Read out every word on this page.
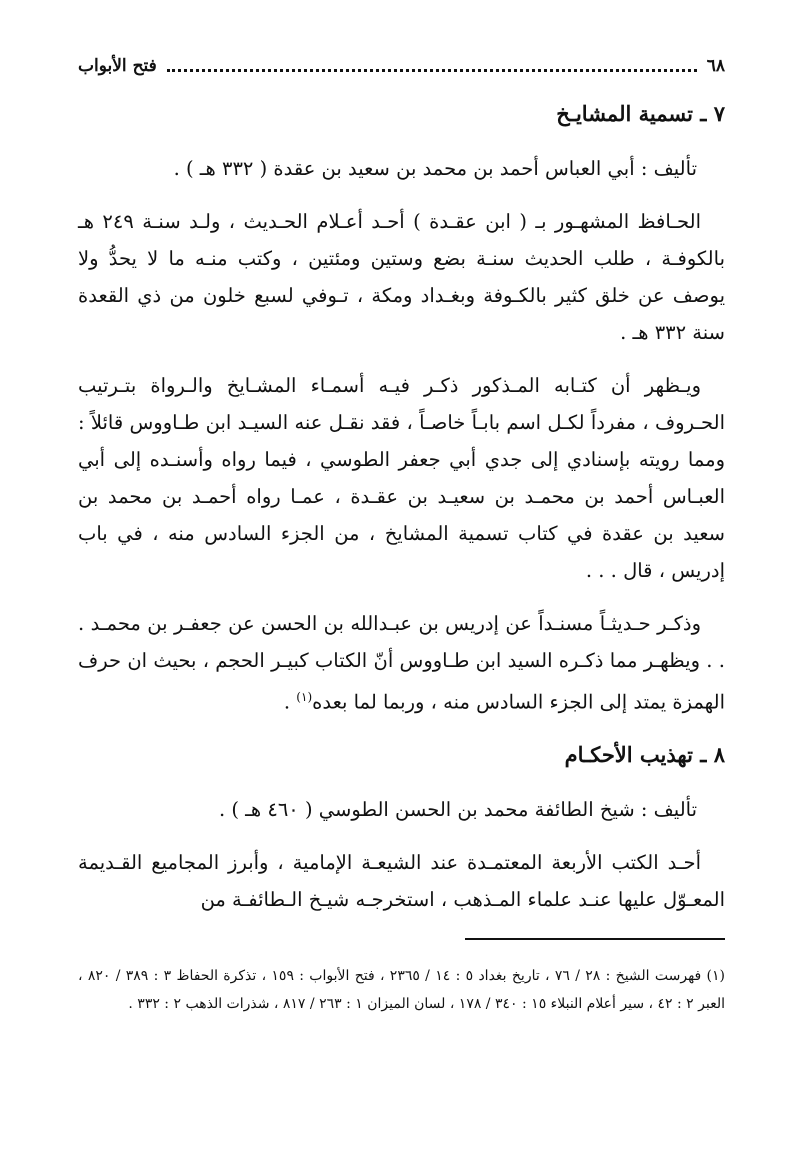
٦٨
فتح الأبواب
٧ ـ تسمية المشايـخ

تأليف : أبي العباس أحمد بن محمد بن سعيد بن عقدة ( ٣٣٢ هـ ) .

الحـافظ المشهـور بـ ( ابن عقـدة ) أحـد أعـلام الحـديث ، ولـد سنـة ٢٤٩ هـ بالكوفـة ، طلب الحديث سنـة بضع وستين ومئتين ، وكتب منـه ما لا يحدُّ ولا يوصف عن خلق كثير بالكـوفة وبغـداد ومكة ، تـوفي لسبع خلون من ذي القعدة سنة ٣٣٢ هـ .

ويـظهر أن كتـابه المـذكور ذكـر فيـه أسمـاء المشـايخ والـرواة بتـرتيب الحـروف ، مفرداً لكـل اسم بابـاً خاصـاً ، فقد نقـل عنه السيـد ابن طـاووس قائلاً : ومما رويته بإسنادي إلى جدي أبي جعفر الطوسي ، فيما رواه وأسنـده إلى أبي العبـاس أحمد بن محمـد بن سعيـد بن عقـدة ، عمـا رواه أحمـد بن محمد بن سعيد بن عقدة في كتاب تسمية المشايخ ، من الجزء السادس منه ، في باب إدريس ، قال . . .

وذكـر حـديثـاً مسنـداً عن إدريس بن عبـدالله بن الحسن عن جعفـر بن محمـد . . . ويظهـر مما ذكـره السيد ابن طـاووس أنّ الكتاب كبيـر الحجم ، بحيث ان حرف الهمزة يمتد إلى الجزء السادس منه ، وربما لما بعده$^{(١)}$ .

٨ ـ تهذيب الأحكـام

تأليف : شيخ الطائفة محمد بن الحسن الطوسي ( ٤٦٠ هـ ) .

أحـد الكتب الأربعة المعتمـدة عند الشيعـة الإمامية ، وأبرز المجاميع القـديمة المعـوّل عليها عنـد علماء المـذهب ، استخرجـه شيـخ الـطائفـة من

(١) فهرست الشيخ : ٢٨ / ٧٦ ، تاريخ بغداد ٥ : ١٤ / ٢٣٦٥ ، فتح الأبواب : ١٥٩ ، تذكرة الحفاظ ٣ : ٣٨٩ / ٨٢٠ ، العبر ٢ : ٤٢ ، سير أعلام النبلاء ١٥ : ٣٤٠ / ١٧٨ ، لسان الميزان ١ : ٢٦٣ / ٨١٧ ، شذرات الذهب ٢ : ٣٣٢ .
